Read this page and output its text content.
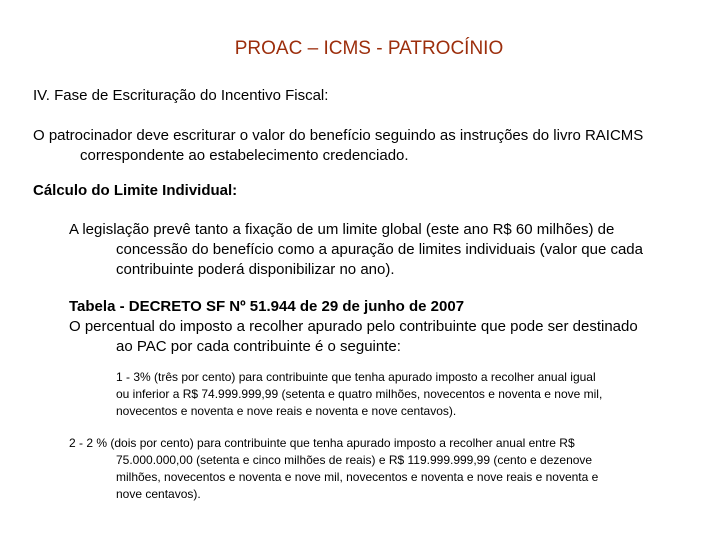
PROAC – ICMS - PATROCÍNIO
IV. Fase de Escrituração do Incentivo Fiscal:
O patrocinador deve escriturar o valor do benefício seguindo as instruções do livro RAICMS
correspondente ao estabelecimento credenciado.
Cálculo do Limite Individual:
A legislação prevê tanto a fixação de um limite global (este ano R$ 60 milhões) de
concessão do benefício como a apuração de limites individuais (valor que cada
contribuinte poderá disponibilizar no ano).
Tabela - DECRETO SF Nº 51.944 de 29 de junho de 2007
O percentual do imposto a recolher apurado pelo contribuinte que pode ser destinado
ao PAC por cada contribuinte é o seguinte:
1 - 3% (três por cento) para contribuinte que tenha apurado imposto a recolher anual igual
ou inferior a R$ 74.999.999,99 (setenta e quatro milhões, novecentos e noventa e nove mil,
novecentos e noventa e nove reais e noventa e nove centavos).
2 - 2 % (dois por cento) para contribuinte que tenha apurado imposto a recolher anual entre R$
75.000.000,00 (setenta e cinco milhões de reais) e R$ 119.999.999,99 (cento e dezenove
milhões, novecentos e noventa e nove mil, novecentos e noventa e nove reais e noventa e
nove centavos).
